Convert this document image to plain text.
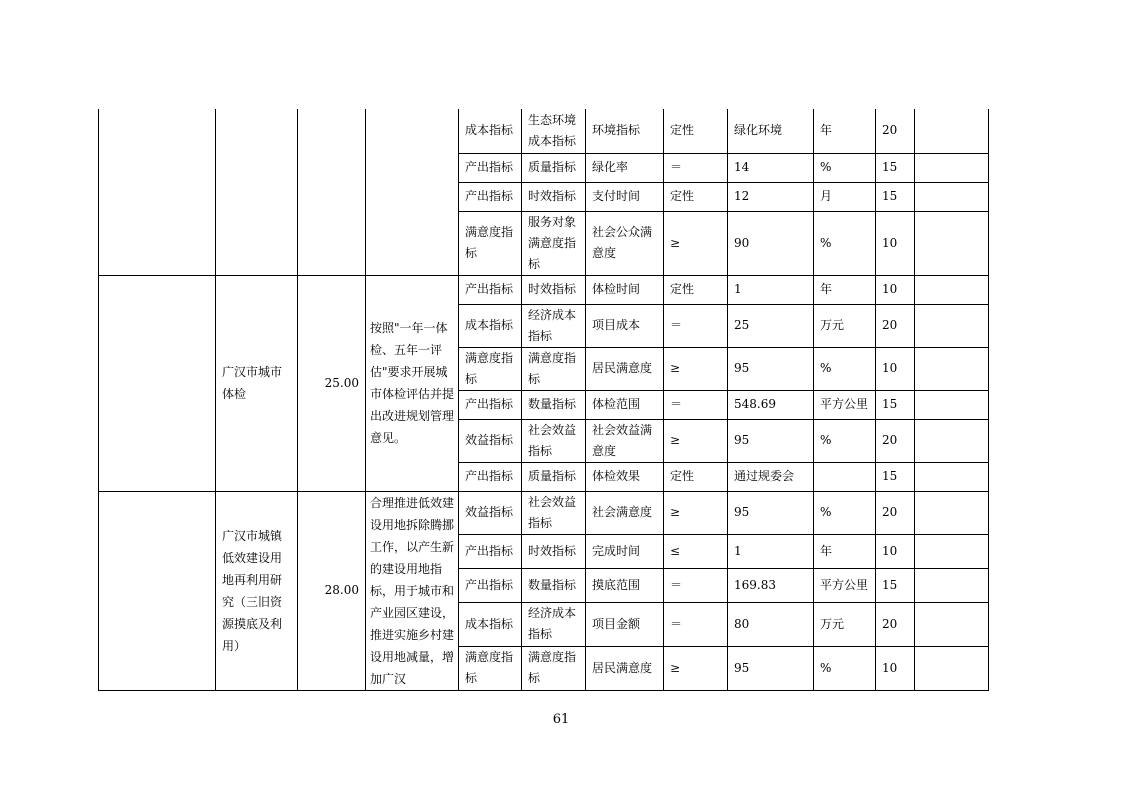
				成本指标	生态环境成本指标	环境指标	定性	绿化环境	年	20	
				产出指标	质量指标	绿化率	＝	14	%	15	
				产出指标	时效指标	支付时间	定性	12	月	15	
				满意度指标	服务对象满意度指标	社会公众满意度	≥	90	%	10	
	广汉市城市体检	25.00	按照"一年一体检、五年一评估"要求开展城市体检评估并提出改进规划管理意见。	产出指标	时效指标	体检时间	定性	1	年	10	
				成本指标	经济成本指标	项目成本	＝	25	万元	20	
				满意度指标	满意度指标	居民满意度	≥	95	%	10	
				产出指标	数量指标	体检范围	＝	548.69	平方公里	15	
				效益指标	社会效益指标	社会效益满意度	≥	95	%	20	
				产出指标	质量指标	体检效果	定性	通过规委会		15	
	广汉市城镇低效建设用地再利用研究（三旧资源摸底及利用）	28.00	合理推进低效建设用地拆除腾挪工作，以产生新的建设用地指标，用于城市和产业园区建设，推进实施乡村建设用地减量，增加广汉	效益指标	社会效益指标	社会满意度	≥	95	%	20	
				产出指标	时效指标	完成时间	≤	1	年	10	
				产出指标	数量指标	摸底范围	＝	169.83	平方公里	15	
				成本指标	经济成本指标	项目金额	＝	80	万元	20	
				满意度指标	满意度指标	居民满意度	≥	95	%	10	
61
